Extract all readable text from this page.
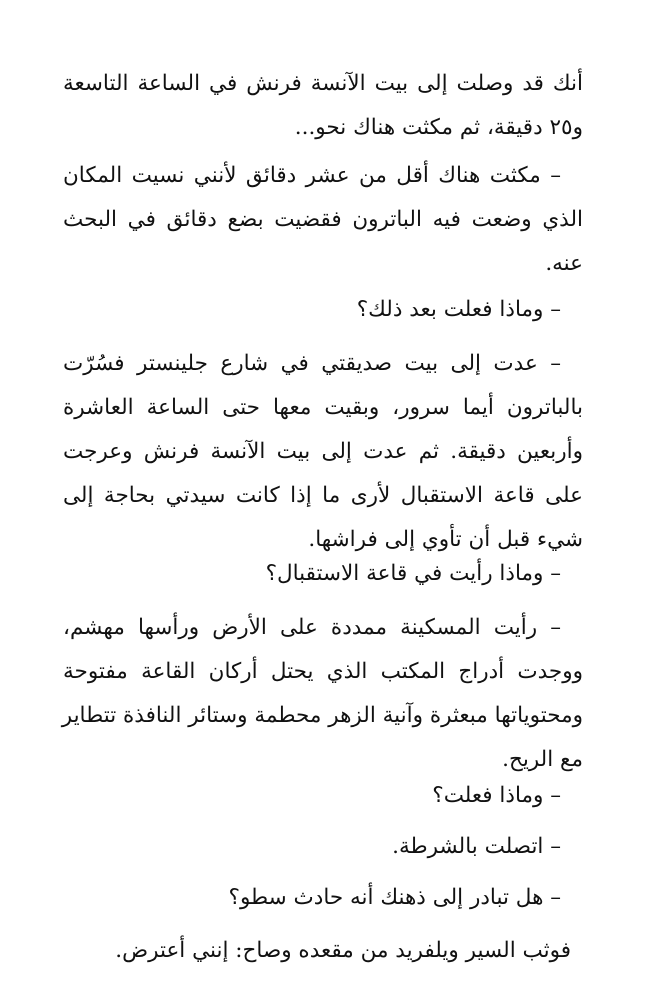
أنك قد وصلت إلى بيت الآنسة فرنش في الساعة التاسعة
و٢٥ دقيقة، ثم مكثت هناك نحو...
– مكثت هناك أقل من عشر دقائق لأنني نسيت المكان
الذي وضعت فيه الباترون فقضيت بضع دقائق في البحث
عنه.
– وماذا فعلت بعد ذلك؟
– عدت إلى بيت صديقتي في شارع جلينستر فسُرّت
بالباترون أيما سرور، وبقيت معها حتى الساعة العاشرة
وأربعين دقيقة. ثم عدت إلى بيت الآنسة فرنش وعرجت
على قاعة الاستقبال لأرى ما إذا كانت سيدتي بحاجة إلى
شيء قبل أن تأوي إلى فراشها.
– وماذا رأيت في قاعة الاستقبال؟
– رأيت المسكينة ممددة على الأرض ورأسها مهشم،
ووجدت أدراج المكتب الذي يحتل أركان القاعة مفتوحة
ومحتوياتها مبعثرة وآنية الزهر محطمة وستائر النافذة تتطاير
مع الريح.
– وماذا فعلت؟
– اتصلت بالشرطة.
– هل تبادر إلى ذهنك أنه حادث سطو؟
فوثب السير ويلفريد من مقعده وصاح: إنني أعترض.
